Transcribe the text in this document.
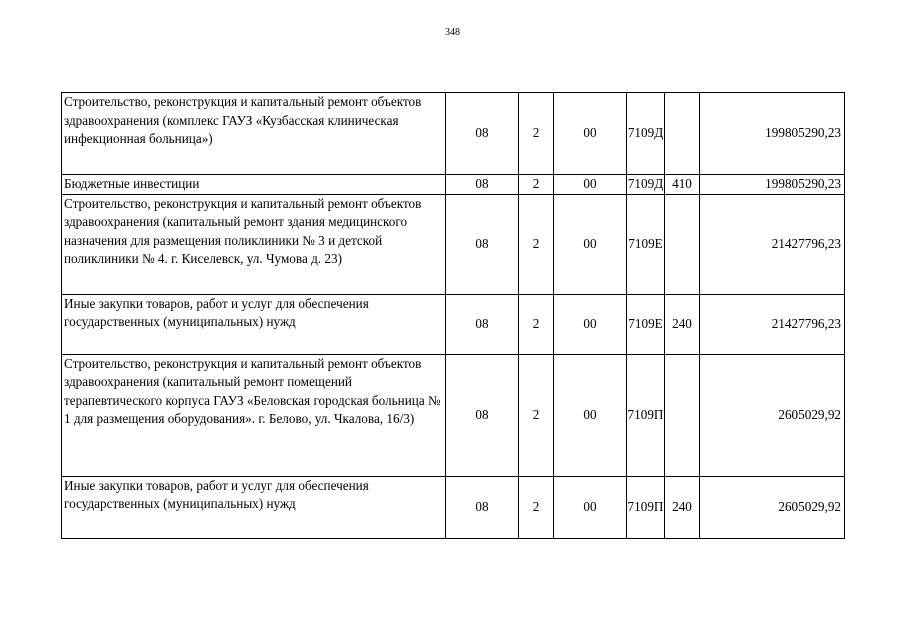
348
Строительство, реконструкция и капитальный ремонт объектов здравоохранения (комплекс ГАУЗ «Кузбасская клиническая инфекционная больница»)	08	2	00	7109Д		199805290,23
Бюджетные инвестиции	08	2	00	7109Д	410	199805290,23
Строительство, реконструкция и капитальный ремонт объектов здравоохранения (капитальный ремонт здания медицинского назначения для размещения поликлиники № 3 и детской поликлиники № 4. г. Киселевск, ул. Чумова д. 23)	08	2	00	7109Е		21427796,23
Иные закупки товаров, работ и услуг для обеспечения государственных (муниципальных) нужд	08	2	00	7109Е	240	21427796,23
Строительство, реконструкция и капитальный ремонт объектов здравоохранения (капитальный ремонт помещений терапевтического корпуса ГАУЗ «Беловская городская больница № 1 для размещения оборудования». г. Белово, ул. Чкалова, 16/3)	08	2	00	7109П		2605029,92
Иные закупки товаров, работ и услуг для обеспечения государственных (муниципальных) нужд	08	2	00	7109П	240	2605029,92
